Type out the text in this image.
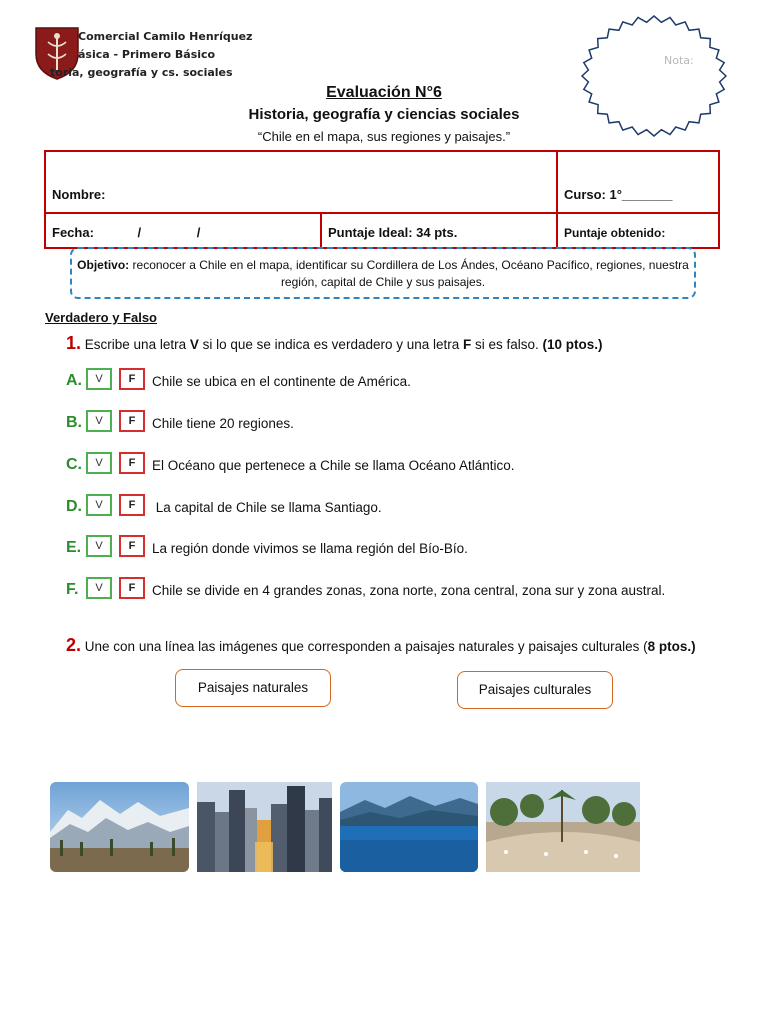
Comercial Camilo Henríquez
ásica - Primero Básico
toria, geografía y cs. sociales
Nota:
Evaluación N°6
Historia, geografía y ciencias sociales
“Chile en el mapa, sus regiones y paisajes.”
Nombre:		Curso: 1°_______
Fecha: / /	Puntaje Ideal: 34 pts.	Puntaje obtenido:
Objetivo: reconocer a Chile en el mapa, identificar su Cordillera de Los Ándes, Océano Pacífico, regiones, nuestra región, capital de Chile y sus paisajes.
Verdadero y Falso
1. Escribe una letra V si lo que se indica es verdadero y una letra F si es falso. (10 ptos.)
A.	V	F	Chile se ubica en el continente de América.
B.	V	F	Chile tiene 20 regiones.
C.	V	F	El Océano que pertenece a Chile se llama Océano Atlántico.
D.	V	F	La capital de Chile se llama Santiago.
E.	V	F	La región donde vivimos se llama región del Bío-Bío.
F.	V	F	Chile se divide en 4 grandes zonas, zona norte, zona central, zona sur y zona austral.
2. Une con una línea las imágenes que corresponden a paisajes naturales y paisajes culturales (8 ptos.)
Paisajes naturales	Paisajes culturales
